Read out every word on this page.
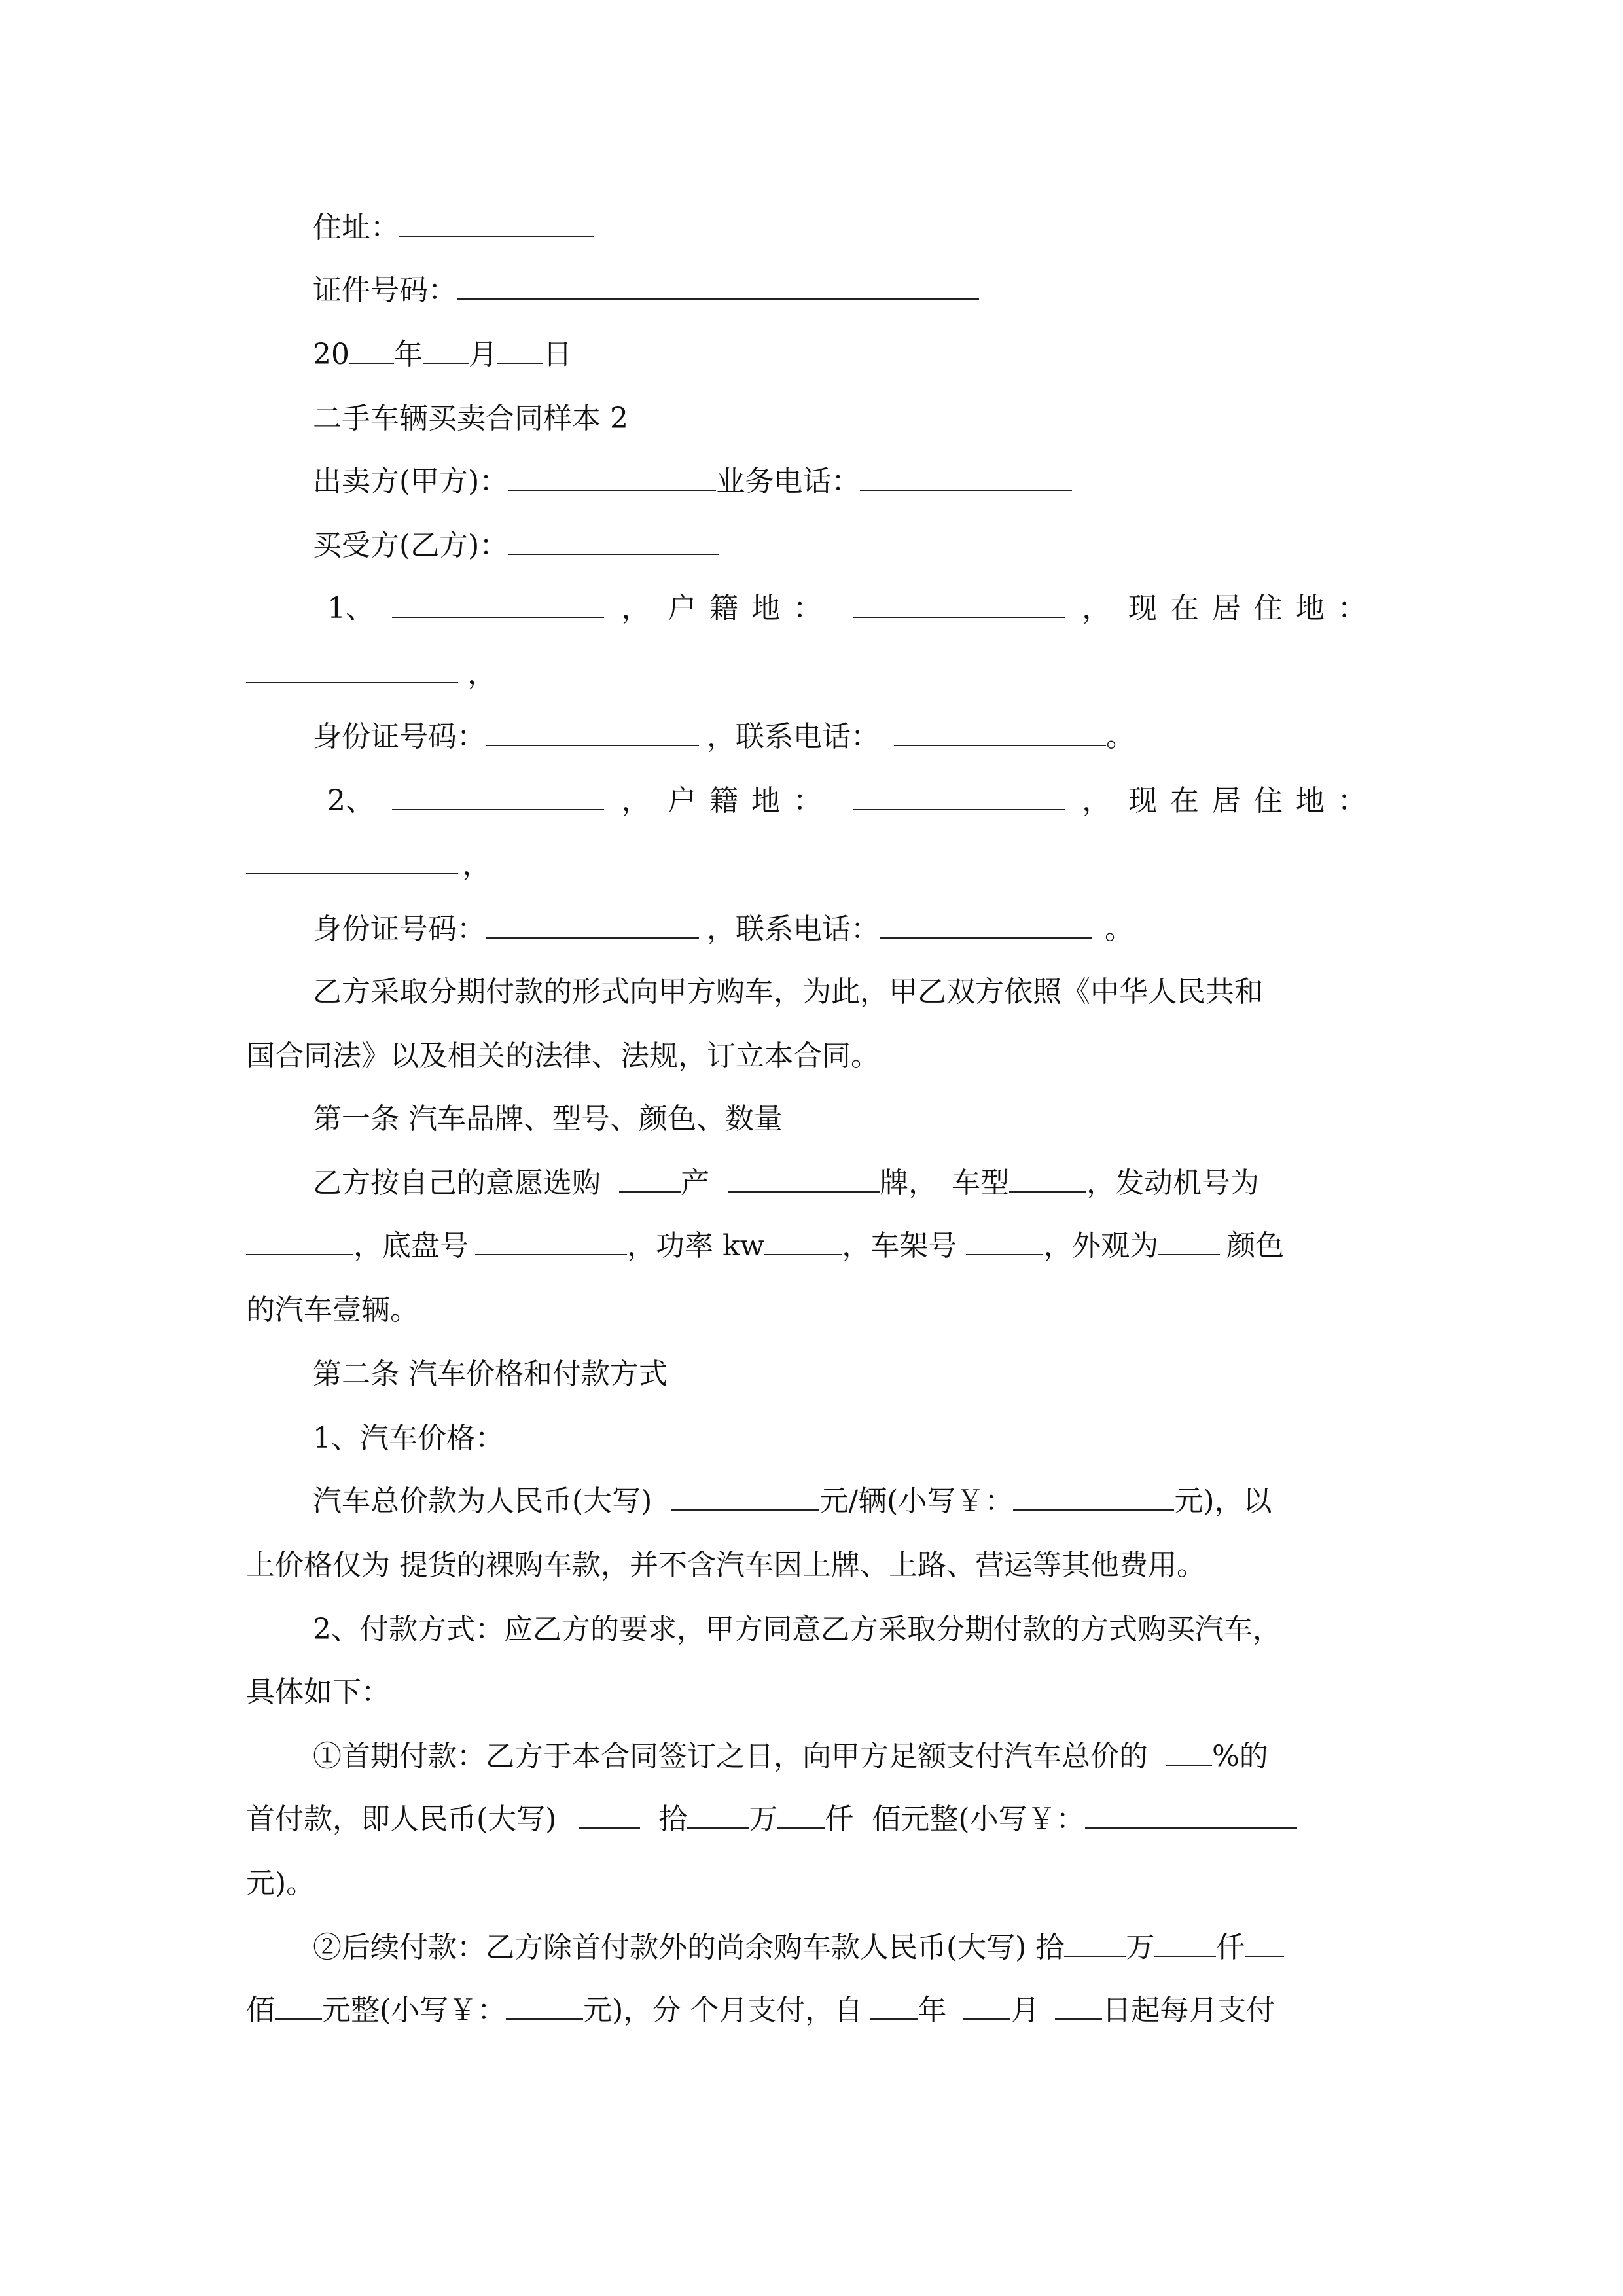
住址：
证件号码：
20 年 月 日
二手车辆买卖合同样本 2
出卖方(甲方)：	业务电话：
买受方(乙方)：
1、	， 户籍地：	， 现在居住地：
，
身份证号码：	，联系电话：	。
2、	， 户籍地：	， 现在居住地：
，
身份证号码：	，联系电话：	。
乙方采取分期付款的形式向甲方购车，为此，甲乙双方依照《中华人民共和
国合同法》以及相关的法律、法规，订立本合同。
第一条 汽车品牌、型号、颜色、数量
乙方按自己的意愿选购	产	牌， 车型	，发动机号为
，底盘号	，功率 kw	，车架号	，外观为 颜色
的汽车壹辆。
第二条 汽车价格和付款方式
1、汽车价格：
汽车总价款为人民币(大写)	元/辆(小写￥：	元)，以
上价格仅为 提货的裸购车款，并不含汽车因上牌、上路、营运等其他费用。
2、付款方式：应乙方的要求，甲方同意乙方采取分期付款的方式购买汽车，
具体如下：
①首期付款：乙方于本合同签订之日，向甲方足额支付汽车总价的 %的
首付款，即人民币(大写)	拾 万 仟 佰元整(小写￥：
元)。
②后续付款：乙方除首付款外的尚余购车款人民币(大写) 拾 万 仟
佰 元整(小写￥：	元)，分 个月支付，自 年 月 日起每月支付
